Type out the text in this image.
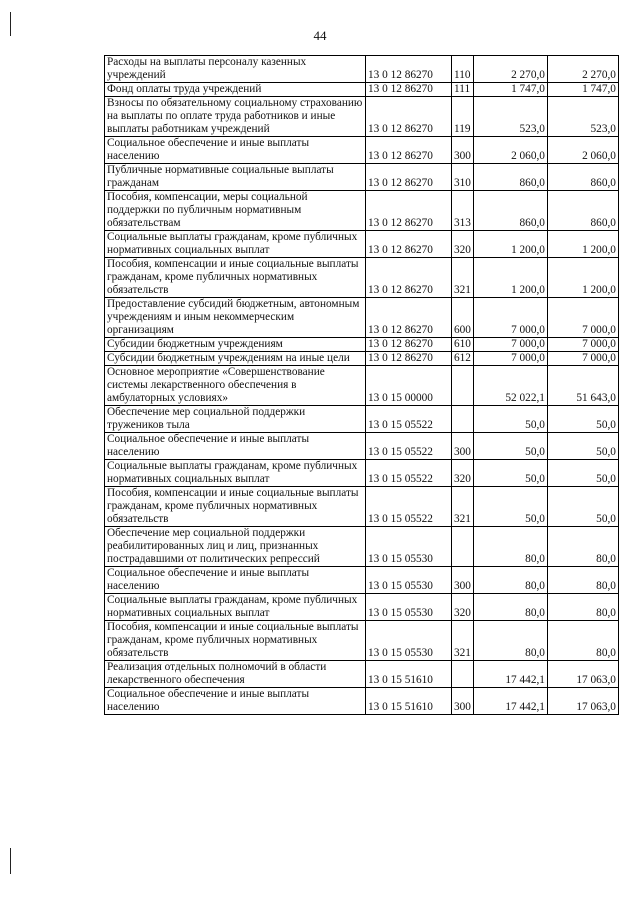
44
Расходы на выплаты персоналу казенных учреждений	13 0 12 86270	110	2 270,0	2 270,0
Фонд оплаты труда учреждений	13 0 12 86270	111	1 747,0	1 747,0
Взносы по обязательному социальному страхованию на выплаты по оплате труда работников и иные выплаты работникам учреждений	13 0 12 86270	119	523,0	523,0
Социальное обеспечение и иные выплаты населению	13 0 12 86270	300	2 060,0	2 060,0
Публичные нормативные социальные выплаты гражданам	13 0 12 86270	310	860,0	860,0
Пособия, компенсации, меры социальной поддержки по публичным нормативным обязательствам	13 0 12 86270	313	860,0	860,0
Социальные выплаты гражданам, кроме публичных нормативных социальных выплат	13 0 12 86270	320	1 200,0	1 200,0
Пособия, компенсации и иные социальные выплаты гражданам, кроме публичных нормативных обязательств	13 0 12 86270	321	1 200,0	1 200,0
Предоставление субсидий бюджетным, автономным учреждениям и иным некоммерческим организациям	13 0 12 86270	600	7 000,0	7 000,0
Субсидии бюджетным учреждениям	13 0 12 86270	610	7 000,0	7 000,0
Субсидии бюджетным учреждениям на иные цели	13 0 12 86270	612	7 000,0	7 000,0
Основное мероприятие «Совершенствование системы лекарственного обеспечения в амбулаторных условиях»	13 0 15 00000		52 022,1	51 643,0
Обеспечение мер социальной поддержки тружеников тыла	13 0 15 05522		50,0	50,0
Социальное обеспечение и иные выплаты населению	13 0 15 05522	300	50,0	50,0
Социальные выплаты гражданам, кроме публичных нормативных социальных выплат	13 0 15 05522	320	50,0	50,0
Пособия, компенсации и иные социальные выплаты гражданам, кроме публичных нормативных обязательств	13 0 15 05522	321	50,0	50,0
Обеспечение мер социальной поддержки реабилитированных лиц и лиц, признанных пострадавшими от политических репрессий	13 0 15 05530		80,0	80,0
Социальное обеспечение и иные выплаты населению	13 0 15 05530	300	80,0	80,0
Социальные выплаты гражданам, кроме публичных нормативных социальных выплат	13 0 15 05530	320	80,0	80,0
Пособия, компенсации и иные социальные выплаты гражданам, кроме публичных нормативных обязательств	13 0 15 05530	321	80,0	80,0
Реализация отдельных полномочий в области лекарственного обеспечения	13 0 15 51610		17 442,1	17 063,0
Социальное обеспечение и иные выплаты населению	13 0 15 51610	300	17 442,1	17 063,0
